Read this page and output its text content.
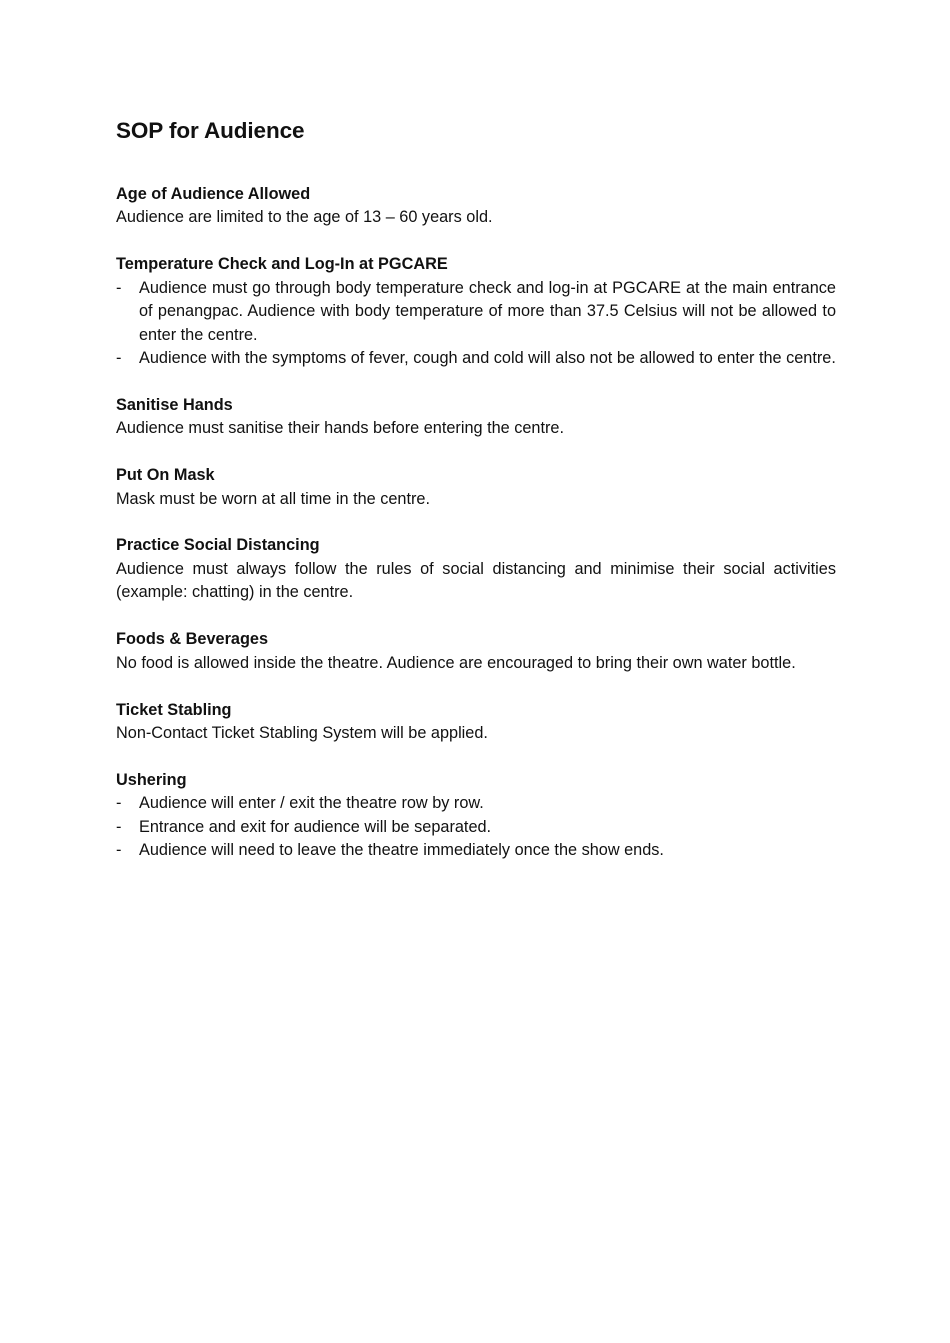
SOP for Audience

Age of Audience Allowed

Audience are limited to the age of 13 – 60 years old.

Temperature Check and Log-In at PGCARE

- Audience must go through body temperature check and log-in at PGCARE at the main entrance of penangpac. Audience with body temperature of more than 37.5 Celsius will not be allowed to enter the centre.
- Audience with the symptoms of fever, cough and cold will also not be allowed to enter the centre.

Sanitise Hands

Audience must sanitise their hands before entering the centre.

Put On Mask

Mask must be worn at all time in the centre.

Practice Social Distancing

Audience must always follow the rules of social distancing and minimise their social activities (example: chatting) in the centre.

Foods & Beverages

No food is allowed inside the theatre. Audience are encouraged to bring their own water bottle.

Ticket Stabling

Non-Contact Ticket Stabling System will be applied.

Ushering

- Audience will enter / exit the theatre row by row.
- Entrance and exit for audience will be separated.
- Audience will need to leave the theatre immediately once the show ends.
